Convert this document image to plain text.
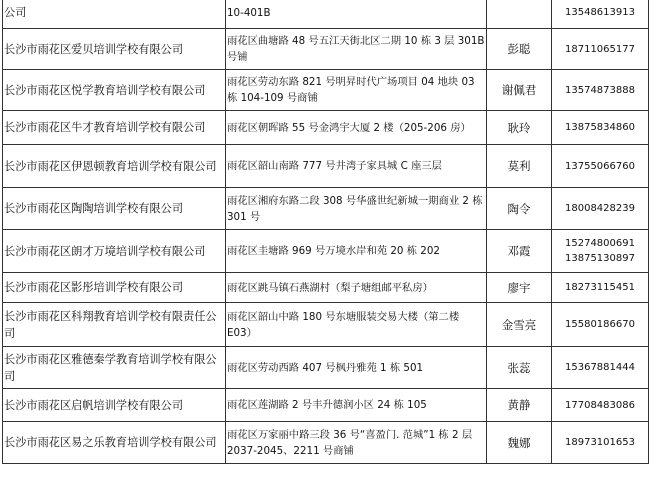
公司	10-401B		13548613913
长沙市雨花区爱贝培训学校有限公司	雨花区曲塘路 48 号五江天街北区二期 10 栋 3 层 301B 号铺	彭聪	18711065177
长沙市雨花区悦学教育培训学校有限公司	雨花区劳动东路 821 号明昇时代广场项目 04 地块 03 栋 104-109 号商铺	谢佩君	13574873888
长沙市雨花区牛才教育培训学校有限公司	雨花区朝晖路 55 号金鸿宇大厦 2 楼（205-206 房）	耿玲	13875834860
长沙市雨花区伊恩顿教育培训学校有限公司	雨花区韶山南路 777 号井湾子家具城 C 座三层	莫利	13755066760
长沙市雨花区陶陶培训学校有限公司	雨花区湘府东路二段 308 号华盛世纪新城一期商业 2 栋 301 号	陶令	18008428239
长沙市雨花区朗才万境培训学校有限公司	雨花区圭塘路 969 号万境水岸和苑 20 栋 202	邓霞	15274800691 13875130897
长沙市雨花区影彤培训学校有限公司	雨花区跳马镇石燕湖村（梨子塘组邮平私房）	廖宇	18273115451
长沙市雨花区科翔教育培训学校有限责任公司	雨花区韶山中路 180 号东塘服装交易大楼（第二楼 E03）	金雪亮	15580186670
长沙市雨花区雅德秦学教育培训学校有限公司	雨花区劳动西路 407 号枫丹雅苑 1 栋 501	张蕊	15367881444
长沙市雨花区启帆培训学校有限公司	雨花区莲湖路 2 号丰升德润小区 24 栋 105	黄静	17708483086
长沙市雨花区易之乐教育培训学校有限公司	雨花区万家丽中路三段 36 号“喜盈门. 范城”1 栋 2 层 2037-2045、2211 号商铺	魏娜	18973101653
